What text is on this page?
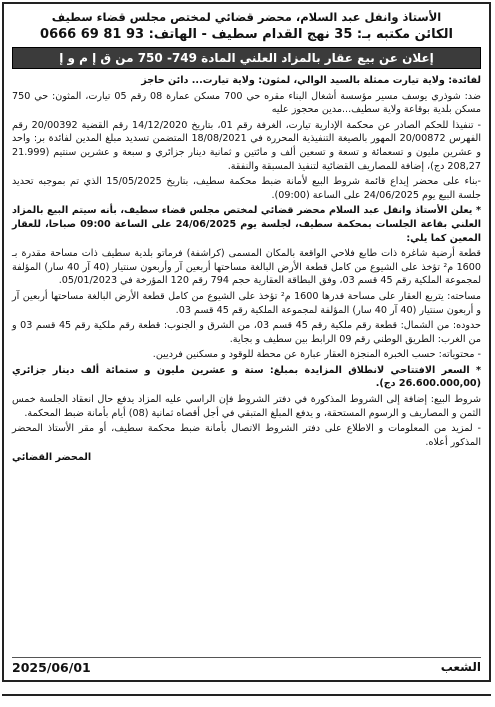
الأستاذ وانفل عبد السلام، محضر قضائي لمختص مجلس قضاء سطيف
الكائن مكتبه بـ: 35 نهج القدام سطيف - الهاتف: 93 81 69 0666
إعلان عن بيع عقار بالمزاد العلني المادة 749- 750 من ق إ م و إ

لفائدة: ولاية تيارت ممثلة بالسيد الوالي، لمثون: ولاية تيارت... دائن حاجز

ضد: شوذري يوسف مسير مؤسسة أشغال البناء مقره حي 700 مسكن عمارة 08 رقم 05 تيارت، المثون: حي 750 مسكن بلدية بوقاعة ولاية سطيف...مدين محجوز عليه

- تنفيذا للحكم الصادر عن محكمة الإدارية تيارت، الغرفة رقم 01، بتاريخ 14/12/2020 رقم القضية 20/00392 رقم الفهرس 20/00872 المهور بالصيغة التنفيذية المحررة في 18/08/2021 المتضمن تسديد مبلغ المدين لفائدة بر: واحد و عشرين مليون و تسعمائة و تسعة و تسعين ألف و مائتين و ثمانية دينار جزائري و سبعة و عشرين سنتيم (21.999 208,27 دج)، إضافة للمصاريف القضائية لتنفيذ المسبقة والنفقة.

-بناء على محضر إيداع قائمة شروط البيع لأمانة ضبط محكمة سطيف، بتاريخ 15/05/2025 الذي تم بموجبه تحديد جلسة البيع يوم 24/06/2025 على الساعة (09:00).

* يعلن الأستاذ وانفل عبد السلام محضر قضائي لمختص مجلس قضاء سطيف، بأنه سيتم البيع بالمزاد العلني بقاعة الجلسات بمحكمة سطيف، لجلسة يوم 24/06/2025 على الساعة 09:00 صباحا، للعقار المعين كما يلي:

قطعة أرضية شاغرة ذات طابع فلاحي الواقعة بالمكان المسمى (كراشفة) فرماتو بلدية سطيف ذات مساحة مقدرة بـ 1600 م² تؤخذ على الشيوع من كامل قطعة الأرض البالغة مساحتها أربعين آر وأربعون سنتيار (40 آر 40 سار) المؤلفة لمجموعة الملكية رقم 45 قسم 03، وفق البطاقة العقارية حجم 794 رقم 120 المؤرخة في 05/01/2023.

مساحته: يتربع العقار على مساحة قدرها 1600 م² تؤخذ على الشيوع من كامل قطعة الأرض البالغة مساحتها أربعين آر و أربعون سنتيار (40 آر 40 سار) المؤلفة لمجموعة الملكية رقم 45 قسم 03.

حدوده: من الشمال: قطعة رقم ملكية رقم 45 قسم 03، من الشرق و الجنوب: قطعة رقم ملكية رقم 45 قسم 03 و من الغرب: الطريق الوطني رقم 09 الرابط بين سطيف و بجاية.

- محتوياته: حسب الخبرة المنجزة العقار عبارة عن محطة للوقود و مسكنين فرديين.

* السعر الافتتاحي لانطلاق المزايدة بمبلغ: ستة و عشرين مليون و ستمائة ألف دينار جزائري (26.600.000,00 دج).

شروط البيع: إضافة إلى الشروط المذكورة في دفتر الشروط فإن الراسي عليه المزاد يدفع حال انعقاد الجلسة خمس الثمن و المصاريف و الرسوم المستحقة، و يدفع المبلغ المتبقي في أجل أقصاه ثمانية (08) أيام بأمانة ضبط المحكمة.

- لمزيد من المعلومات و الاطلاع على دفتر الشروط الاتصال بأمانة ضبط محكمة سطيف، أو مقر الأستاذ المحضر المذكور أعلاه.

المحضر القضائي
الشعب
2025/06/01
